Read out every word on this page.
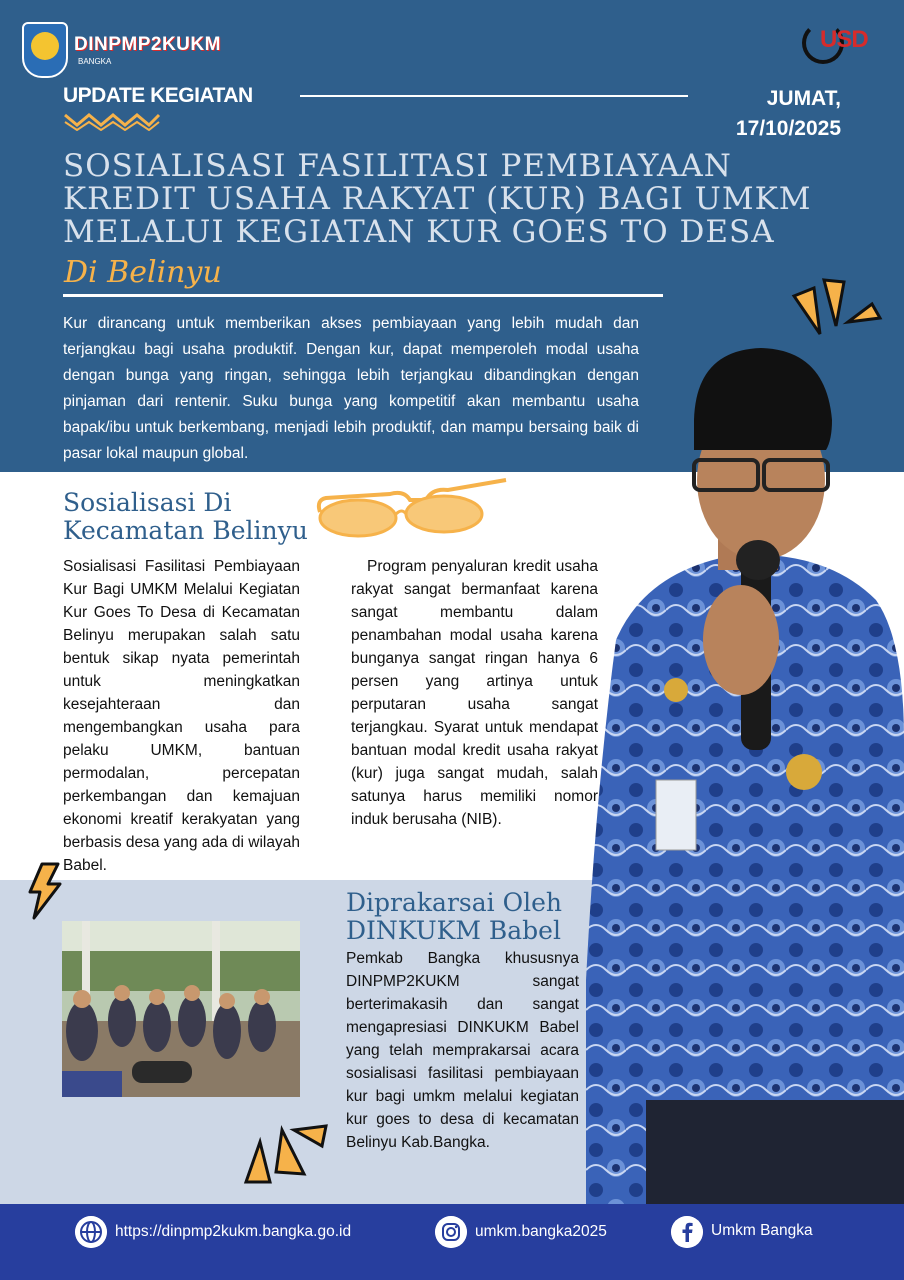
DINPMP2KUKM
BANGKA
USD
UPDATE KEGIATAN	JUMAT,
17/10/2025
SOSIALISASI FASILITASI PEMBIAYAAN
KREDIT USAHA RAKYAT (KUR) BAGI UMKM
MELALUI KEGIATAN KUR GOES TO DESA
Di Belinyu
Kur dirancang untuk memberikan akses pembiayaan yang lebih mudah dan terjangkau bagi usaha produktif. Dengan kur, dapat memperoleh modal usaha dengan bunga yang ringan, sehingga lebih terjangkau dibandingkan dengan pinjaman dari rentenir. Suku bunga yang kompetitif akan membantu usaha bapak/ibu untuk berkembang, menjadi lebih produktif, dan mampu bersaing baik di pasar lokal maupun global.
Sosialisasi Di
Kecamatan Belinyu
Sosialisasi Fasilitasi Pembiayaan Kur Bagi UMKM Melalui Kegiatan Kur Goes To Desa di Kecamatan Belinyu merupakan salah satu bentuk sikap nyata pemerintah untuk meningkatkan kesejahteraan dan mengembangkan usaha para pelaku UMKM, bantuan permodalan, percepatan perkembangan dan kemajuan ekonomi kreatif kerakyatan yang berbasis desa yang ada di wilayah Babel.
Program penyaluran kredit usaha rakyat sangat bermanfaat karena sangat membantu dalam penambahan modal usaha karena bunganya sangat ringan hanya 6 persen yang artinya untuk perputaran usaha sangat terjangkau. Syarat untuk mendapat bantuan modal kredit usaha rakyat (kur) juga sangat mudah, salah satunya harus memiliki nomor induk berusaha (NIB).
Diprakarsai Oleh
DINKUKM Babel
Pemkab Bangka khususnya DINPMP2KUKM sangat berterimakasih dan sangat mengapresiasi DINKUKM Babel yang telah memprakarsai acara sosialisasi fasilitasi pembiayaan kur bagi umkm melalui kegiatan kur goes to desa di kecamatan Belinyu Kab.Bangka.
https://dinpmp2kukm.bangka.go.id	umkm.bangka2025	Umkm Bangka
